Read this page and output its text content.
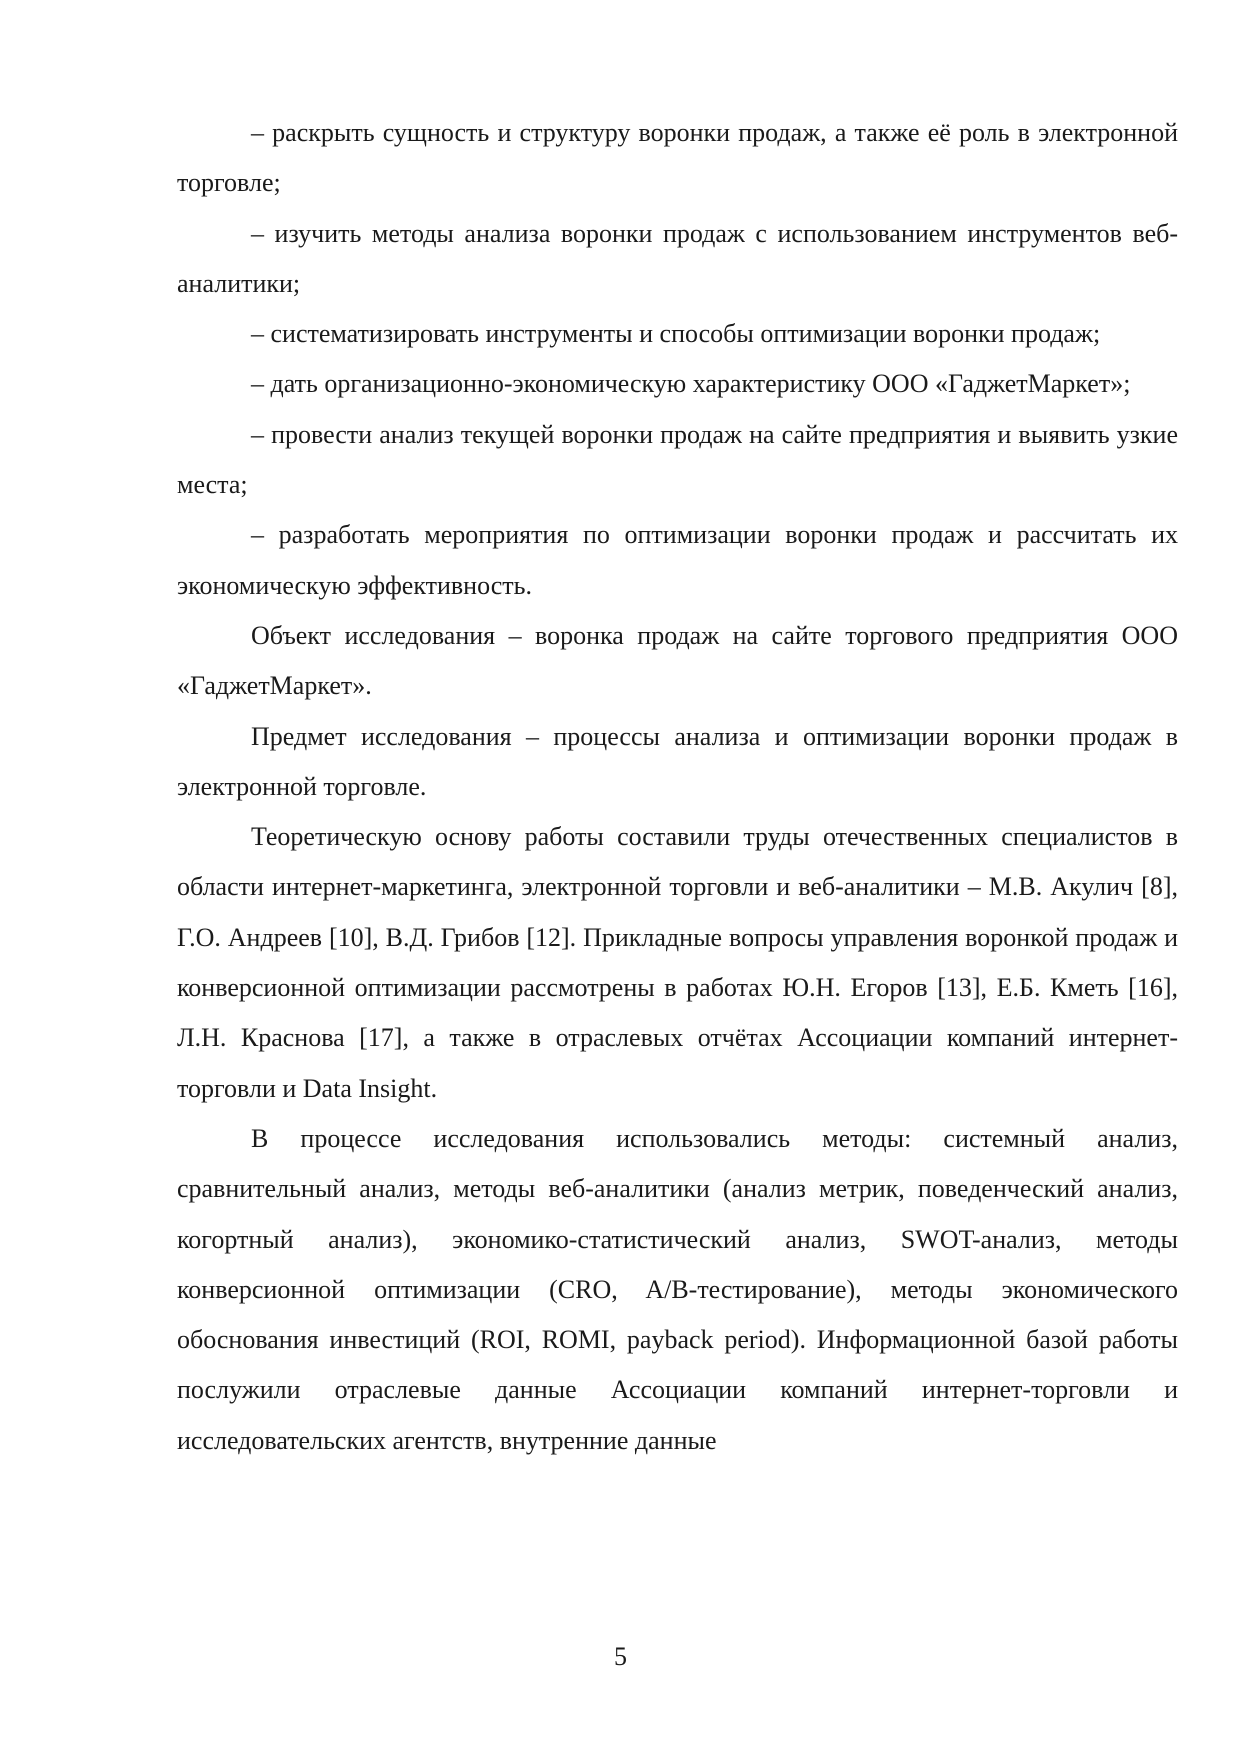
– раскрыть сущность и структуру воронки продаж, а также её роль в электронной торговле;

– изучить методы анализа воронки продаж с использованием инструментов веб-аналитики;

– систематизировать инструменты и способы оптимизации воронки продаж;

– дать организационно-экономическую характеристику ООО «ГаджетМаркет»;

– провести анализ текущей воронки продаж на сайте предприятия и выявить узкие места;

– разработать мероприятия по оптимизации воронки продаж и рассчитать их экономическую эффективность.

Объект исследования – воронка продаж на сайте торгового предприятия ООО «ГаджетМаркет».

Предмет исследования – процессы анализа и оптимизации воронки продаж в электронной торговле.

Теоретическую основу работы составили труды отечественных специалистов в области интернет-маркетинга, электронной торговли и веб-аналитики – М.В. Акулич [8], Г.О. Андреев [10], В.Д. Грибов [12]. Прикладные вопросы управления воронкой продаж и конверсионной оптимизации рассмотрены в работах Ю.Н. Егоров [13], Е.Б. Кметь [16], Л.Н. Краснова [17], а также в отраслевых отчётах Ассоциации компаний интернет-торговли и Data Insight.

В процессе исследования использовались методы: системный анализ, сравнительный анализ, методы веб-аналитики (анализ метрик, поведенческий анализ, когортный анализ), экономико-статистический анализ, SWOT-анализ, методы конверсионной оптимизации (CRO, A/B-тестирование), методы экономического обоснования инвестиций (ROI, ROMI, payback period). Информационной базой работы послужили отраслевые данные Ассоциации компаний интернет-торговли и исследовательских агентств, внутренние данные

5
